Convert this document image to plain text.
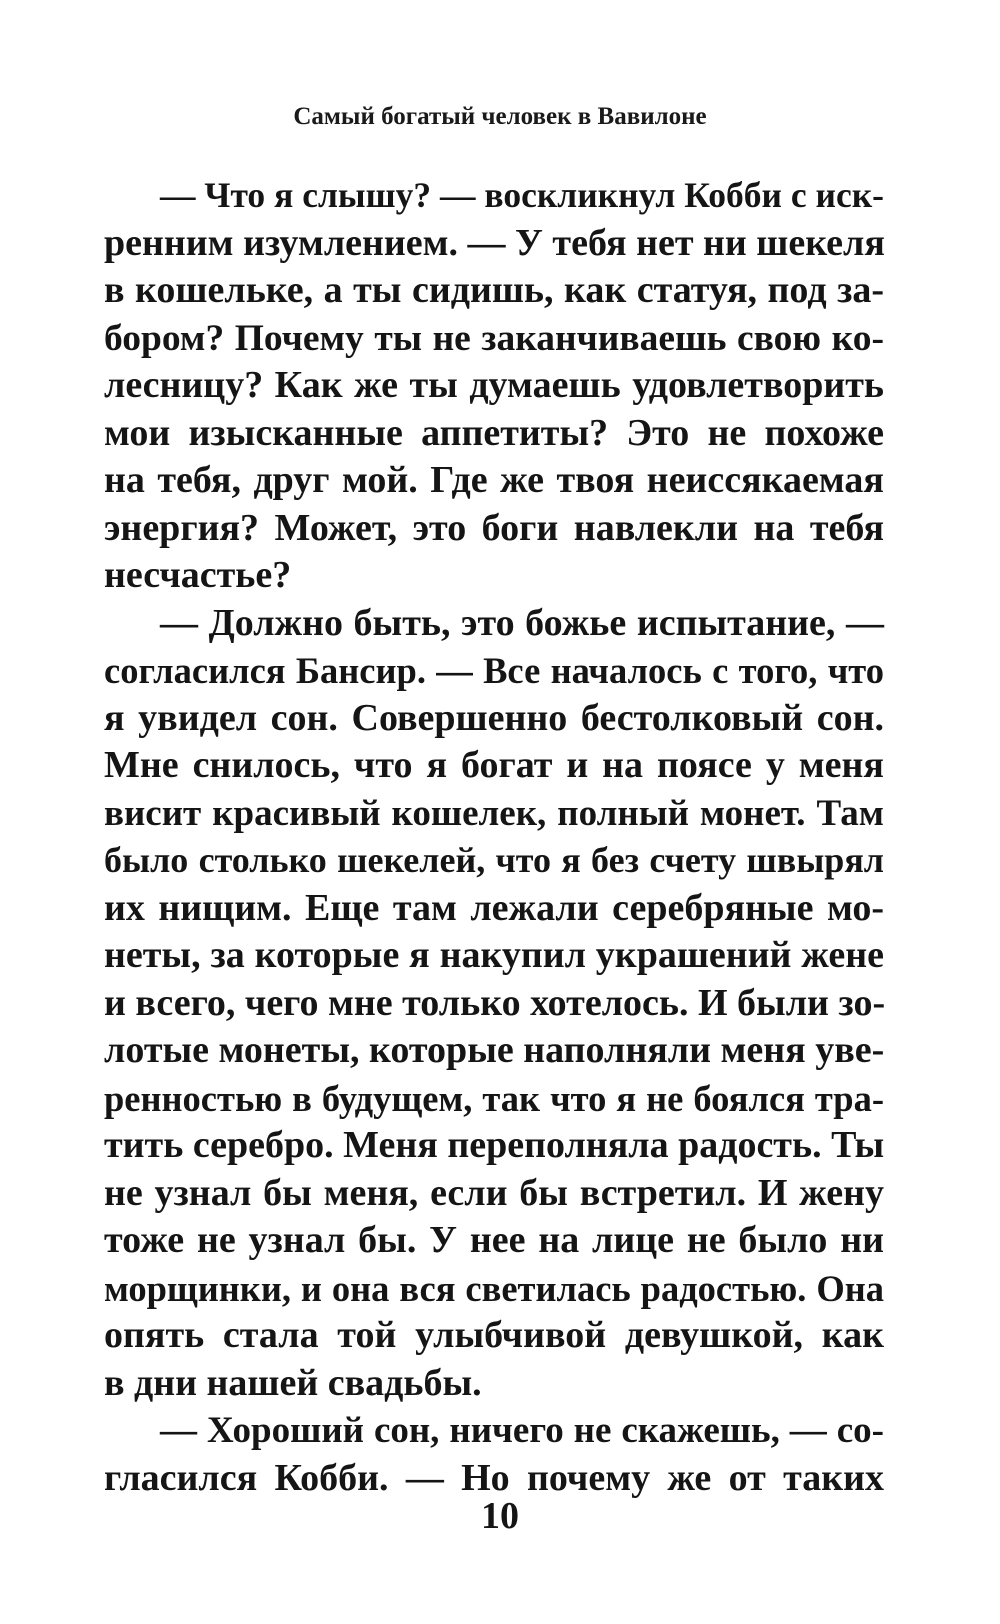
Самый богатый человек в Вавилоне
— Что я слышу? — воскликнул Кобби с иск-
ренним изумлением. — У тебя нет ни шекеля
в кошельке, а ты сидишь, как статуя, под за-
бором? Почему ты не заканчиваешь свою ко-
лесницу? Как же ты думаешь удовлетворить
мои изысканные аппетиты? Это не похоже
на тебя, друг мой. Где же твоя неиссякаемая
энергия? Может, это боги навлекли на тебя
несчастье?
— Должно быть, это божье испытание, —
согласился Бансир. — Все началось с того, что
я увидел сон. Совершенно бестолковый сон.
Мне снилось, что я богат и на поясе у меня
висит красивый кошелек, полный монет. Там
было столько шекелей, что я без счету швырял
их нищим. Еще там лежали серебряные мо-
неты, за которые я накупил украшений жене
и всего, чего мне только хотелось. И были зо-
лотые монеты, которые наполняли меня уве-
ренностью в будущем, так что я не боялся тра-
тить серебро. Меня переполняла радость. Ты
не узнал бы меня, если бы встретил. И жену
тоже не узнал бы. У нее на лице не было ни
морщинки, и она вся светилась радостью. Она
опять стала той улыбчивой девушкой, как
в дни нашей свадьбы.
— Хороший сон, ничего не скажешь, — со-
гласился Кобби. — Но почему же от таких
10
